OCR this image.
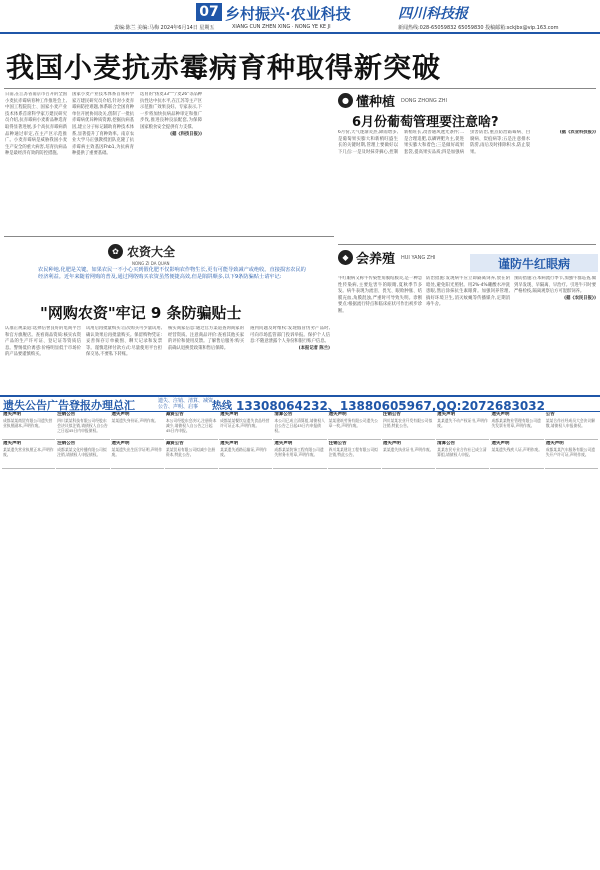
07 乡村振兴·农业科技	四川科技报
责编:陈兰 美编:马梅 2024年6月14日 星期五	XIANG CUN ZHEN XING · NONG YE KE JI	新闻热线:028-65059832 65059830 投稿邮箱:sckjbx@vip.163.com
我国小麦抗赤霉病育种取得新突破
日前,在江苏省南京市召开的全国小麦抗赤霉病育种工作推进会上,中国工程院院士、国家小麦产业技术体系首席科学家万建民研究员介绍,抗赤霉病小麦新品种选育取得显著进展,多个高抗赤霉病新品种通过审定,在主产区示范推广。小麦赤霉病是威胁我国小麦生产安全的重大病害,培育抗病品种是最经济有效的防控措施。
国家小麦产业技术体系首席科学家万建民研究员介绍,针对小麦赤霉病防控难题,体系联合全国育种单位开展协同攻关,创制了一批抗赤霉病优异种质资源,挖掘抗病基因,建立分子标记辅助育种技术体系,显著提升了育种效率。南京农业大学马正强教授团队克隆了抗赤霉病主效基因Fhb1,为抗病育种提供了重要基础。
选育的"扬麦33""宁麦26"等品种抗性达中抗水平,在江苏等主产区示范推广效果良好。专家表示,下一步将加快抗病品种审定和推广步伐,推进良种良法配套,为保障国家粮食安全提供有力支撑。
(据《科技日报》)
● 懂种植 DONG ZHONG ZHI
6月份葡萄管理要注意啥?
6月份,天气逐渐炎热,降雨增多,是葡萄果实膨大和新梢旺盛生长的关键时期,管理上要做好以下几点:一是及时抹芽摘心,控制新梢旺长,改善通风透光条件;二是合理追肥,以磷钾肥为主,促进果实膨大和着色;三是做好疏果套袋,提高果实品质;四是加强病虫害防治,重点防治霜霉病、白腐病、炭疽病等;五是注意排水防涝,雨后及时排除积水,防止裂果。
(据《农业科技报》)
✿ 农资大全
NONG ZI DA QUAN
农民种地,化肥是关键。如果农民一不小心买到假化肥不仅影响农作物生长,更有可能导致减产或绝收。直接损害农民的经济利益。近年来随着网购的普及,通过网络购买农资虽然便捷高效,但是陷阱颇多,以下9条防骗贴士请牢记:
"网购农资"牢记 9 条防骗贴士
认准正规渠道:选择信誉良好的电商平台和官方旗舰店。查看商品资质:核实农资产品的生产许可证、登记证等资质信息。警惕低价诱惑:价格明显低于市场价的产品要谨慎购买。
试用后再批量购买:首次购买可少量试用,确认效果后再批量购买。保留购物凭证:妥善保存订单截图、聊天记录和发票等。谨慎选择付款方式:尽量使用平台担保交易,不要私下转账。
核实商家信息:通过官方渠道查询商家的经营资质。注意商品评价:查看其他买家的评价和使用反馈。了解售后服务:购买前确认退换货政策和售后保障。
遇到问题及时维权:发现假冒伪劣产品时,可向市场监管部门投诉举报。保护个人信息:不随意泄露个人身份和银行账户信息。
(本报记者 陈兰)
◆ 会养殖 HUI YANG ZHI	谨防牛红眼病
牛红眼病又称牛传染性角膜结膜炎,是一种急性传染病,主要危害牛的眼睛,夏秋季节多发。病牛表现为流泪、畏光、眼睑肿胀、结膜充血,角膜混浊,严重时可导致失明。诊断要点:根据流行特点和临床症状可作出初步诊断。
防治措施:发现病牛应立即隔离饲养,放在阴暗处,避免阳光照射。用2%-4%硼酸水冲洗患眼,然后涂抹抗生素眼膏。加强饲养管理,搞好环境卫生,消灭蚊蝇等传播媒介,定期消毒牛舍。
预防措施:在本病流行季节,加强牛群巡查,做到早发现、早隔离、早治疗。引进牛只时要严格检疫,隔离观察后方可混群饲养。
(据《农民日报》)
遗失公告广告登报办理总汇	遗失、注销、清算、减资、公告、声明、启事	热线 13308064232、13880605967,QQ:2072683032
遗失声明
成都某某商贸有限公司遗失营业执照副本,声明作废。
注销公告
四川某某科技有限公司经股东会决议拟注销,请债权人自公告之日起45日内申报债权。
遗失声明
某某遗失身份证,声明作废。
减资公告
本公司经股东会决议,注册资本减少,请债权人自公告之日起45日内申报。
遗失声明
成都某某餐饮店遗失食品经营许可证正本,声明作废。
清算公告
本公司已成立清算组,请债权人自公告之日起45日内申报债权。
遗失声明
某某建筑劳务有限公司遗失公章一枚,声明作废。
注销公告
四川某某农业开发有限公司拟注销,特此公告。
遗失声明
某某遗失不动产权证书,声明作废。
遗失声明
成都某某物业管理有限公司遗失发票专用章,声明作废。
公告
某某合作社经成员大会决议解散,请债权人申报债权。
遗失声明
某某遗失营业执照正本,声明作废。
注销公告
成都某某文化传播有限公司拟注销,请债权人申报债权。
遗失声明
某某遗失出生医学证明,声明作废。
减资公告
某某贸易有限公司拟减少注册资本,特此公告。
遗失声明
某某遗失道路运输证,声明作废。
遗失声明
成都某某装饰工程有限公司遗失财务专用章,声明作废。
注销公告
四川某某建设工程有限公司拟注销,特此公告。
遗失声明
某某遗失执业证书,声明作废。
清算公告
某某农民专业合作社已成立清算组,请债权人申报。
遗失声明
某某遗失残疾人证,声明作废。
遗失声明
成都某某汽车服务有限公司遗失开户许可证,声明作废。
